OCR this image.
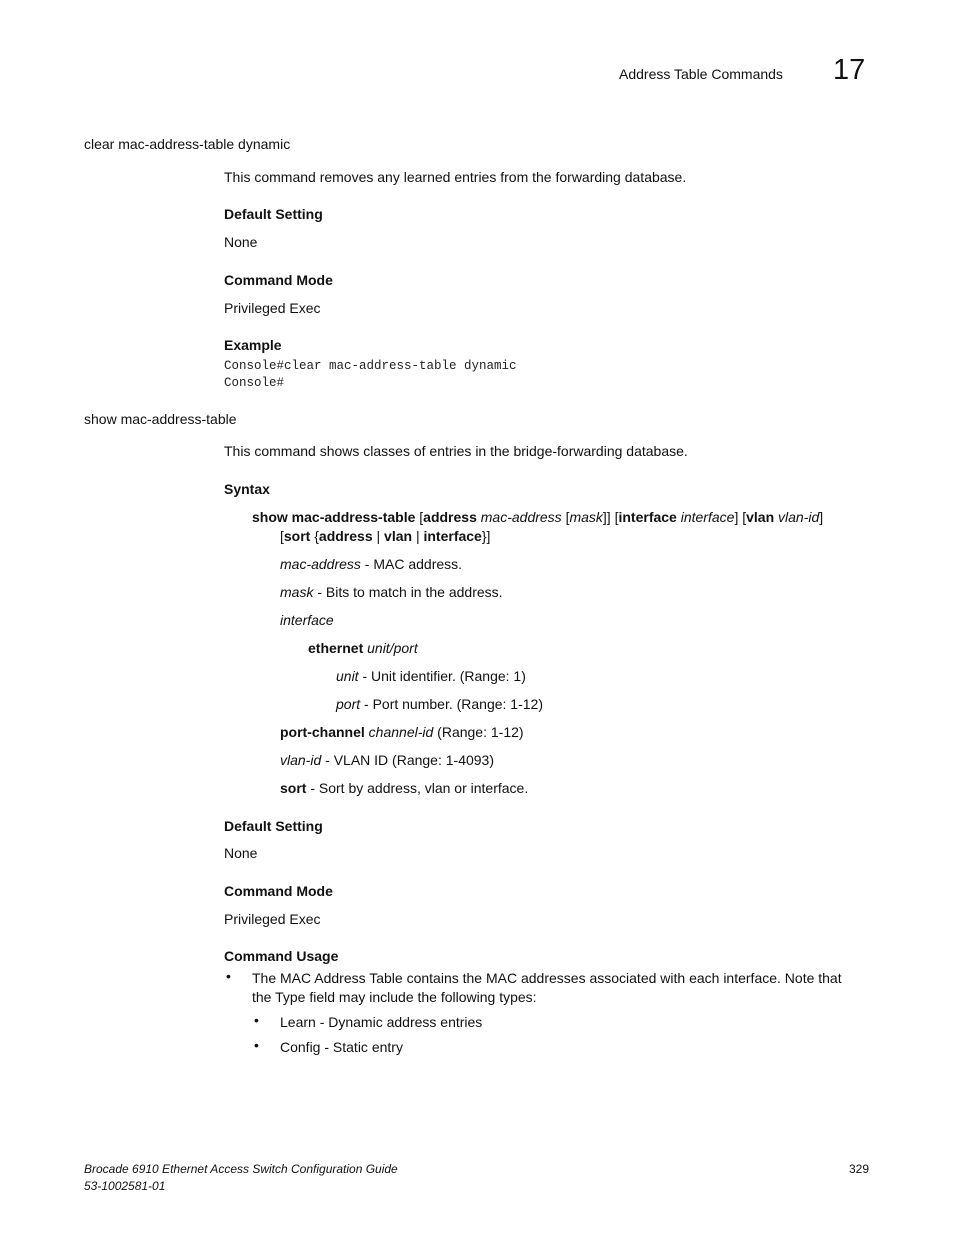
Address Table Commands 17
clear mac-address-table dynamic
This command removes any learned entries from the forwarding database.
Default Setting
None
Command Mode
Privileged Exec
Example
Console#clear mac-address-table dynamic
Console#
show mac-address-table
This command shows classes of entries in the bridge-forwarding database.
Syntax
show mac-address-table [address mac-address [mask]] [interface interface] [vlan vlan-id]
[sort {address | vlan | interface}]
mac-address - MAC address.
mask - Bits to match in the address.
interface
ethernet unit/port
unit - Unit identifier. (Range: 1)
port - Port number. (Range: 1-12)
port-channel channel-id (Range: 1-12)
vlan-id - VLAN ID (Range: 1-4093)
sort - Sort by address, vlan or interface.
Default Setting
None
Command Mode
Privileged Exec
Command Usage
• The MAC Address Table contains the MAC addresses associated with each interface. Note that
the Type field may include the following types:
• Learn - Dynamic address entries
• Config - Static entry
Brocade 6910 Ethernet Access Switch Configuration Guide
53-1002581-01
329
